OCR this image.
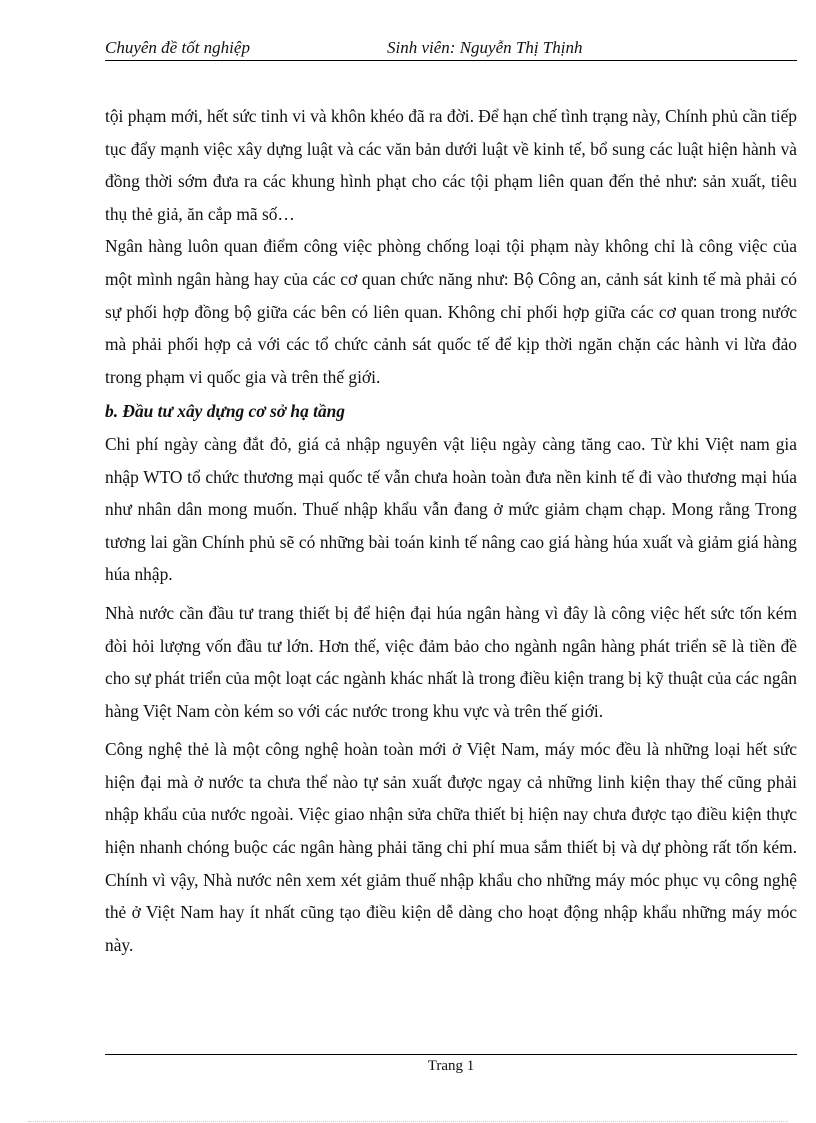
Chuyên đề tốt nghiệp	Sinh viên: Nguyễn Thị Thịnh

tội phạm mới, hết sức tinh vi và khôn khéo đã ra đời. Để hạn chế tình trạng này, Chính phủ cần tiếp tục đẩy mạnh việc xây dựng luật và các văn bản dưới luật về kinh tế, bổ sung các luật hiện hành và đồng thời sớm đưa ra các khung hình phạt cho các tội phạm liên quan đến thẻ như: sản xuất, tiêu thụ thẻ giả, ăn cắp mã số…

Ngân hàng luôn quan điểm công việc phòng chống loại tội phạm này không chỉ là công việc của một mình ngân hàng hay của các cơ quan chức năng như: Bộ Công an, cảnh sát kinh tế mà phải có sự phối hợp đồng bộ giữa các bên có liên quan. Không chỉ phối hợp giữa các cơ quan trong nước mà phải phối hợp cả với các tổ chức cảnh sát quốc tế để kịp thời ngăn chặn các hành vi lừa đảo trong phạm vi quốc gia và trên thế giới.

b. Đầu tư xây dựng cơ sở hạ tầng

Chi phí ngày càng đắt đỏ, giá cả nhập nguyên vật liệu ngày càng tăng cao. Từ khi Việt nam gia nhập WTO tổ chức thương mại quốc tế vẫn chưa hoàn toàn đưa nền kinh tế đi vào thương mại húa như nhân dân mong muốn. Thuế nhập khẩu vẫn đang ở mức giảm chạm chạp. Mong rằng Trong tương lai gần Chính phủ sẽ có những bài toán kinh tế nâng cao giá hàng húa xuất và giảm giá hàng húa nhập.

Nhà nước cần đầu tư trang thiết bị để hiện đại húa ngân hàng vì đây là công việc hết sức tốn kém đòi hỏi lượng vốn đầu tư lớn. Hơn thế, việc đảm bảo cho ngành ngân hàng phát triển sẽ là tiền đề cho sự phát triển của một loạt các ngành khác nhất là trong điều kiện trang bị kỹ thuật của các ngân hàng Việt Nam còn kém so với các nước trong khu vực và trên thế giới.

Công nghệ thẻ là một công nghệ hoàn toàn mới ở Việt Nam, máy móc đều là những loại hết sức hiện đại mà ở nước ta chưa thể nào tự sản xuất được ngay cả những linh kiện thay thế cũng phải nhập khẩu của nước ngoài. Việc giao nhận sửa chữa thiết bị hiện nay chưa được tạo điều kiện thực hiện nhanh chóng buộc các ngân hàng phải tăng chi phí mua sắm thiết bị và dự phòng rất tốn kém. Chính vì vậy, Nhà nước nên xem xét giảm thuế nhập khẩu cho những máy móc phục vụ công nghệ thẻ ở Việt Nam hay ít nhất cũng tạo điều kiện dễ dàng cho hoạt động nhập khẩu những máy móc này.

Trang 1
